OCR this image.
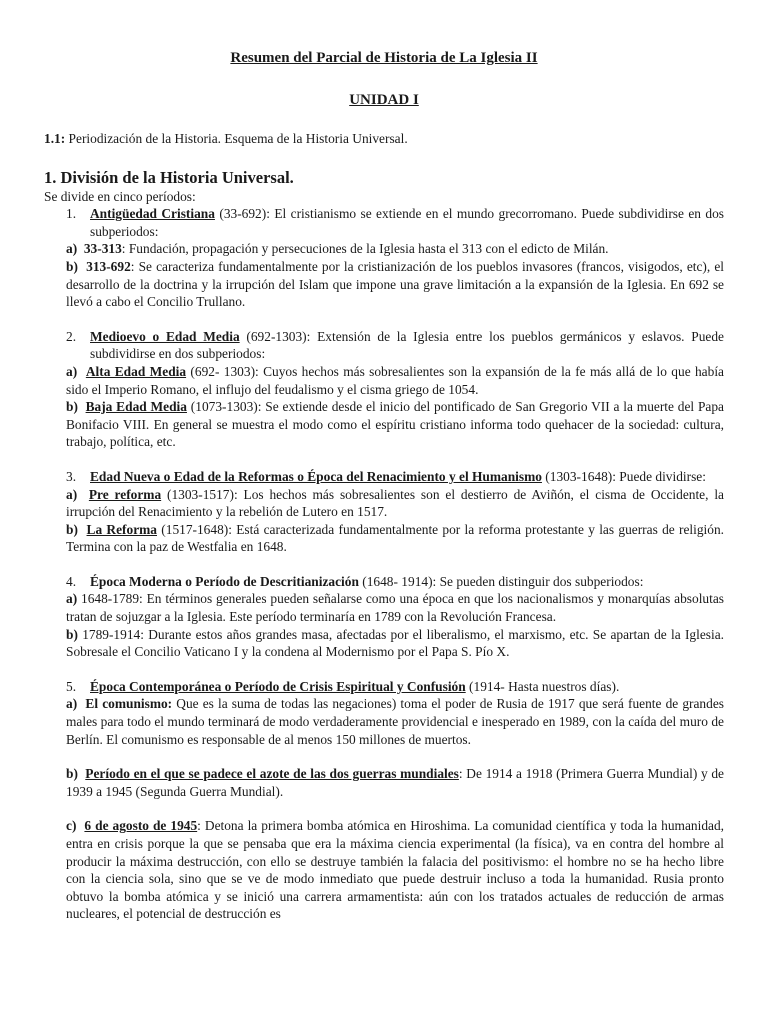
Resumen del Parcial de Historia de La Iglesia II
UNIDAD I

1.1: Periodización de la Historia. Esquema de la Historia Universal.

1. División de la Historia Universal.

Se divide en cinco períodos:

1. Antigüedad Cristiana (33-692): El cristianismo se extiende en el mundo grecorromano. Puede subdividirse en dos subperiodos:

a) 33-313: Fundación, propagación y persecuciones de la Iglesia hasta el 313 con el edicto de Milán.

b) 313-692: Se caracteriza fundamentalmente por la cristianización de los pueblos invasores (francos, visigodos, etc), el desarrollo de la doctrina y la irrupción del Islam que impone una grave limitación a la expansión de la Iglesia. En 692 se llevó a cabo el Concilio Trullano.

2. Medioevo o Edad Media (692-1303): Extensión de la Iglesia entre los pueblos germánicos y eslavos. Puede subdividirse en dos subperiodos:

a) Alta Edad Media (692- 1303): Cuyos hechos más sobresalientes son la expansión de la fe más allá de lo que había sido el Imperio Romano, el influjo del feudalismo y el cisma griego de 1054.

b) Baja Edad Media (1073-1303): Se extiende desde el inicio del pontificado de San Gregorio VII a la muerte del Papa Bonifacio VIII. En general se muestra el modo como el espíritu cristiano informa todo quehacer de la sociedad: cultura, trabajo, política, etc.

3. Edad Nueva o Edad de la Reformas o Época del Renacimiento y el Humanismo (1303-1648): Puede dividirse:

a) Pre reforma (1303-1517): Los hechos más sobresalientes son el destierro de Aviñón, el cisma de Occidente, la irrupción del Renacimiento y la rebelión de Lutero en 1517.

b) La Reforma (1517-1648): Está caracterizada fundamentalmente por la reforma protestante y las guerras de religión. Termina con la paz de Westfalia en 1648.

4. Época Moderna o Período de Descritianización (1648- 1914): Se pueden distinguir dos subperiodos:

a) 1648-1789: En términos generales pueden señalarse como una época en que los nacionalismos y monarquías absolutas tratan de sojuzgar a la Iglesia. Este período terminaría en 1789 con la Revolución Francesa.

b) 1789-1914: Durante estos años grandes masa, afectadas por el liberalismo, el marxismo, etc. Se apartan de la Iglesia. Sobresale el Concilio Vaticano I y la condena al Modernismo por el Papa S. Pío X.

5. Época Contemporánea o Período de Crisis Espiritual y Confusión (1914- Hasta nuestros días).

a) El comunismo: Que es la suma de todas las negaciones) toma el poder de Rusia de 1917 que será fuente de grandes males para todo el mundo terminará de modo verdaderamente providencial e inesperado en 1989, con la caída del muro de Berlín. El comunismo es responsable de al menos 150 millones de muertos.

b) Período en el que se padece el azote de las dos guerras mundiales: De 1914 a 1918 (Primera Guerra Mundial) y de 1939 a 1945 (Segunda Guerra Mundial).

c) 6 de agosto de 1945: Detona la primera bomba atómica en Hiroshima. La comunidad científica y toda la humanidad, entra en crisis porque la que se pensaba que era la máxima ciencia experimental (la física), va en contra del hombre al producir la máxima destrucción, con ello se destruye también la falacia del positivismo: el hombre no se ha hecho libre con la ciencia sola, sino que se ve de modo inmediato que puede destruir incluso a toda la humanidad. Rusia pronto obtuvo la bomba atómica y se inició una carrera armamentista: aún con los tratados actuales de reducción de armas nucleares, el potencial de destrucción es
